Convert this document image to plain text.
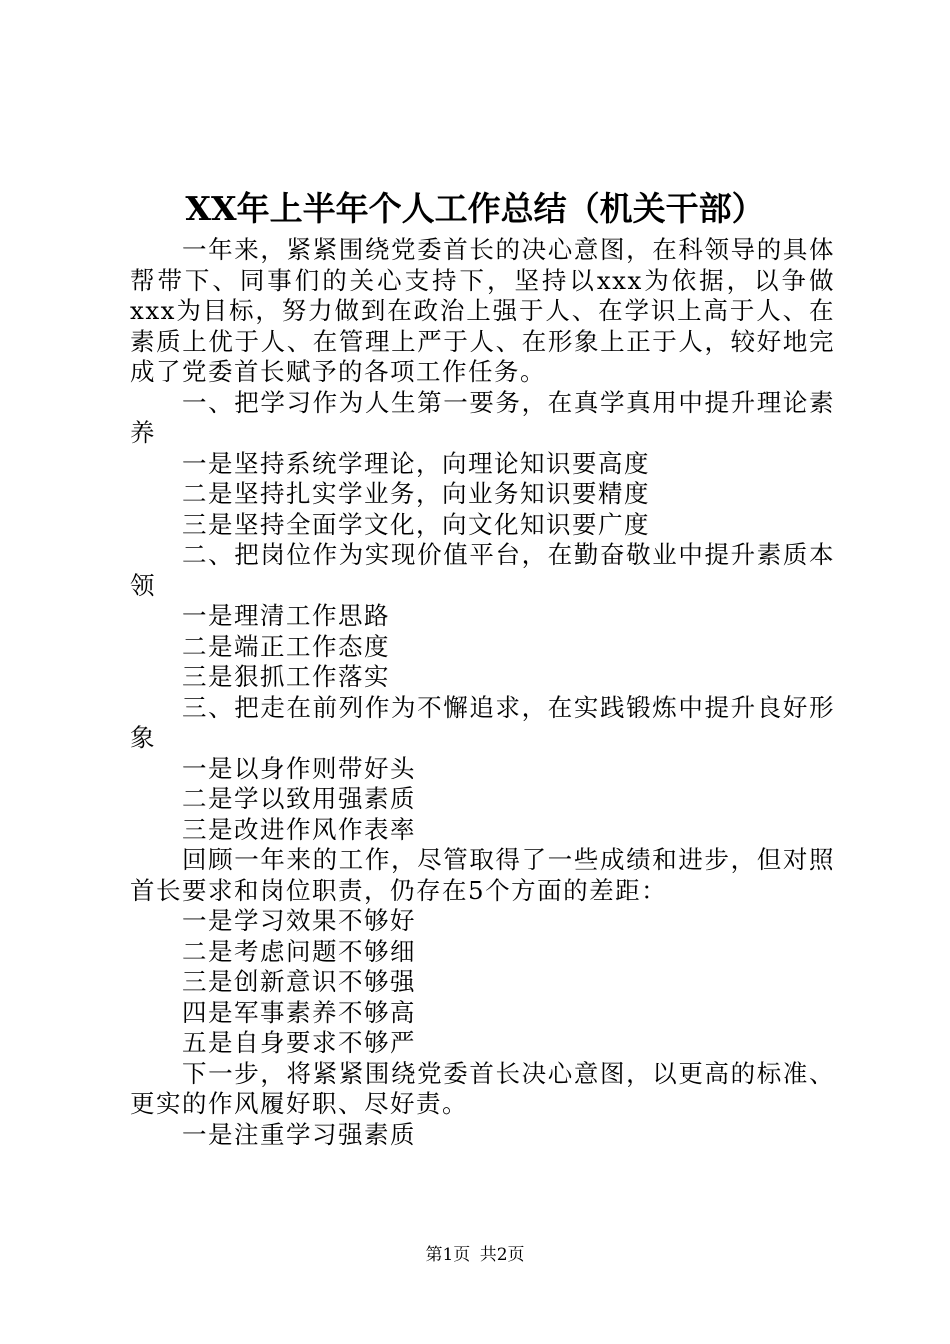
XX年上半年个人工作总结（机关干部）

一年来，紧紧围绕党委首长的决心意图，在科领导的具体帮带下、同事们的关心支持下，坚持以xxx为依据，以争做xxx为目标，努力做到在政治上强于人、在学识上高于人、在素质上优于人、在管理上严于人、在形象上正于人，较好地完成了党委首长赋予的各项工作任务。

一、把学习作为人生第一要务，在真学真用中提升理论素养

一是坚持系统学理论，向理论知识要高度

二是坚持扎实学业务，向业务知识要精度

三是坚持全面学文化，向文化知识要广度

二、把岗位作为实现价值平台，在勤奋敬业中提升素质本领

一是理清工作思路

二是端正工作态度

三是狠抓工作落实

三、把走在前列作为不懈追求，在实践锻炼中提升良好形象

一是以身作则带好头

二是学以致用强素质

三是改进作风作表率

回顾一年来的工作，尽管取得了一些成绩和进步，但对照首长要求和岗位职责，仍存在5个方面的差距：

一是学习效果不够好

二是考虑问题不够细

三是创新意识不够强

四是军事素养不够高

五是自身要求不够严

下一步，将紧紧围绕党委首长决心意图，以更高的标准、更实的作风履好职、尽好责。

一是注重学习强素质

第1页 共2页
